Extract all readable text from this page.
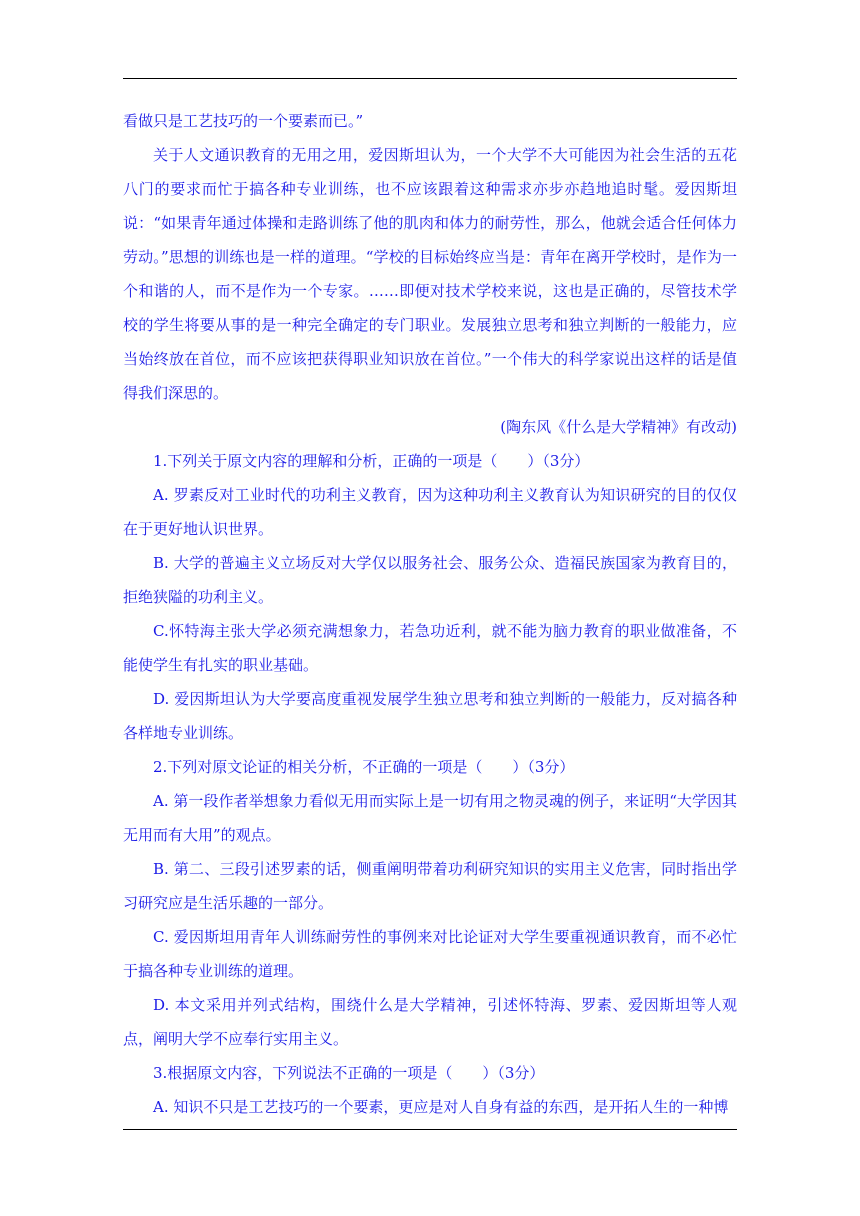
看做只是工艺技巧的一个要素而已。”

关于人文通识教育的无用之用，爱因斯坦认为，一个大学不大可能因为社会生活的五花八门的要求而忙于搞各种专业训练，也不应该跟着这种需求亦步亦趋地追时髦。爱因斯坦说：“如果青年通过体操和走路训练了他的肌肉和体力的耐劳性，那么，他就会适合任何体力劳动。”思想的训练也是一样的道理。“学校的目标始终应当是：青年在离开学校时，是作为一个和谐的人，而不是作为一个专家。……即便对技术学校来说，这也是正确的，尽管技术学校的学生将要从事的是一种完全确定的专门职业。发展独立思考和独立判断的一般能力，应当始终放在首位，而不应该把获得职业知识放在首位。”一个伟大的科学家说出这样的话是值得我们深思的。

(陶东风《什么是大学精神》有改动)

1.下列关于原文内容的理解和分析，正确的一项是（　　）（3分）

A. 罗素反对工业时代的功利主义教育，因为这种功利主义教育认为知识研究的目的仅仅在于更好地认识世界。

B. 大学的普遍主义立场反对大学仅以服务社会、服务公众、造福民族国家为教育目的，拒绝狭隘的功利主义。

C.怀特海主张大学必须充满想象力，若急功近利，就不能为脑力教育的职业做准备，不能使学生有扎实的职业基础。

D. 爱因斯坦认为大学要高度重视发展学生独立思考和独立判断的一般能力，反对搞各种各样地专业训练。

2.下列对原文论证的相关分析，不正确的一项是（　　）（3分）

A. 第一段作者举想象力看似无用而实际上是一切有用之物灵魂的例子，来证明“大学因其无用而有大用”的观点。

B. 第二、三段引述罗素的话，侧重阐明带着功利研究知识的实用主义危害，同时指出学习研究应是生活乐趣的一部分。

C. 爱因斯坦用青年人训练耐劳性的事例来对比论证对大学生要重视通识教育，而不必忙于搞各种专业训练的道理。

D. 本文采用并列式结构，围绕什么是大学精神，引述怀特海、罗素、爱因斯坦等人观点，阐明大学不应奉行实用主义。

3.根据原文内容，下列说法不正确的一项是（　　）（3分）

A. 知识不只是工艺技巧的一个要素，更应是对人自身有益的东西，是开拓人生的一种博
